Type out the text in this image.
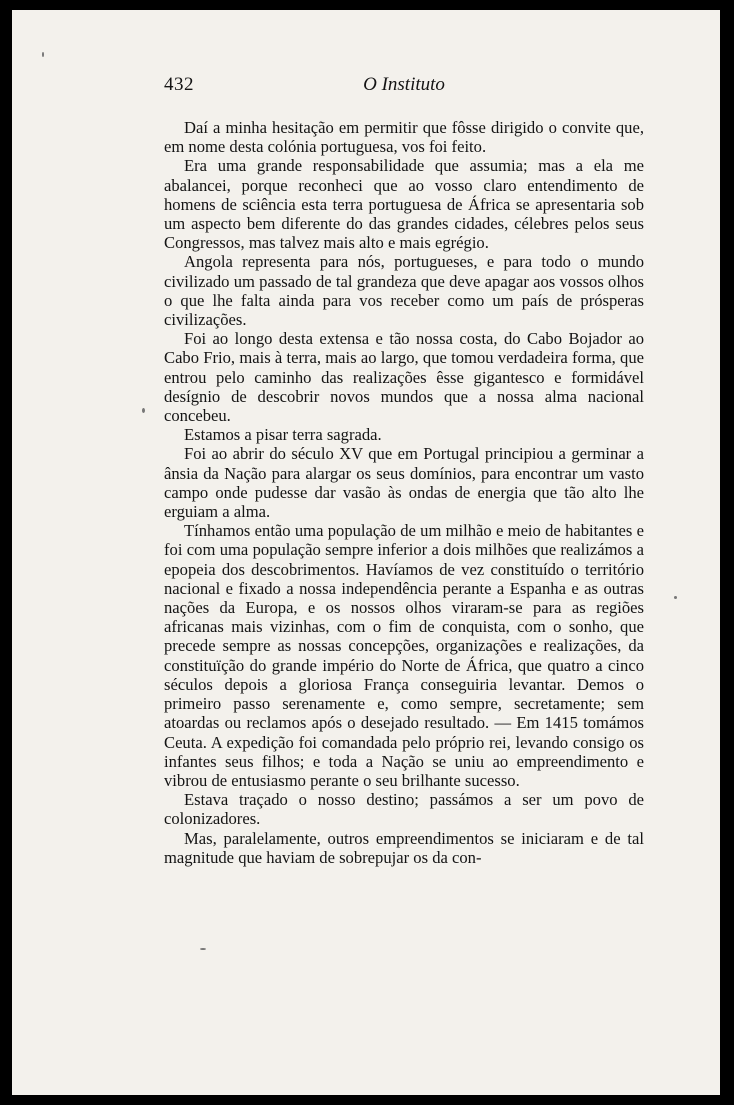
432	O Instituto

Daí a minha hesitação em permitir que fôsse dirigido o convite que, em nome desta colónia portuguesa, vos foi feito.

Era uma grande responsabilidade que assumia; mas a ela me abalancei, porque reconheci que ao vosso claro entendimento de homens de sciência esta terra portuguesa de África se apresentaria sob um aspecto bem diferente do das grandes cidades, célebres pelos seus Congressos, mas talvez mais alto e mais egrégio.

Angola representa para nós, portugueses, e para todo o mundo civilizado um passado de tal grandeza que deve apagar aos vossos olhos o que lhe falta ainda para vos receber como um país de prósperas civilizações.

Foi ao longo desta extensa e tão nossa costa, do Cabo Bojador ao Cabo Frio, mais à terra, mais ao largo, que tomou verdadeira forma, que entrou pelo caminho das realizações êsse gigantesco e formidável desígnio de descobrir novos mundos que a nossa alma nacional concebeu.

Estamos a pisar terra sagrada.

Foi ao abrir do século XV que em Portugal principiou a germinar a ânsia da Nação para alargar os seus domínios, para encontrar um vasto campo onde pudesse dar vasão às ondas de energia que tão alto lhe erguiam a alma.

Tínhamos então uma população de um milhão e meio de habitantes e foi com uma população sempre inferior a dois milhões que realizámos a epopeia dos descobrimentos. Havíamos de vez constituído o território nacional e fixado a nossa independência perante a Espanha e as outras nações da Europa, e os nossos olhos viraram-se para as regiões africanas mais vizinhas, com o fim de conquista, com o sonho, que precede sempre as nossas concepções, organizações e realizações, da constituïção do grande império do Norte de África, que quatro a cinco séculos depois a gloriosa França conseguiria levantar. Demos o primeiro passo serenamente e, como sempre, secretamente; sem atoardas ou reclamos após o desejado resultado. — Em 1415 tomámos Ceuta. A expedição foi comandada pelo próprio rei, levando consigo os infantes seus filhos; e toda a Nação se uniu ao empreendimento e vibrou de entusiasmo perante o seu brilhante sucesso.

Estava traçado o nosso destino; passámos a ser um povo de colonizadores.

Mas, paralelamente, outros empreendimentos se iniciaram e de tal magnitude que haviam de sobrepujar os da con-
